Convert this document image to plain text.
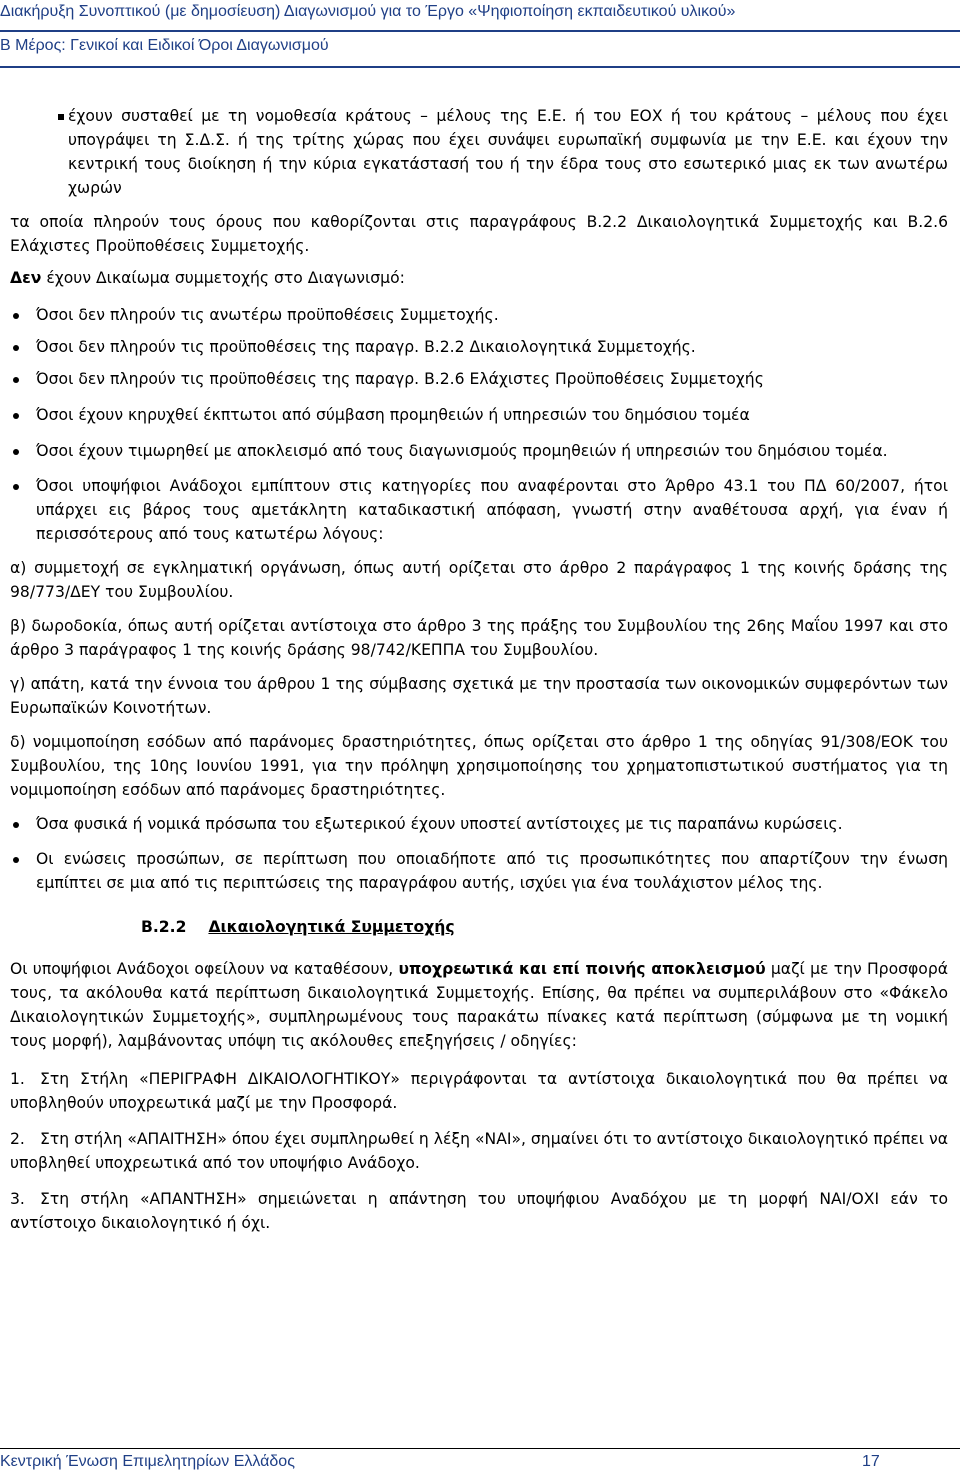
Διακήρυξη Συνοπτικού (με δημοσίευση) Διαγωνισμού για το Έργο «Ψηφιοποίηση εκπαιδευτικού υλικού»
Β Μέρος: Γενικοί και Ειδικοί Όροι Διαγωνισμού
έχουν συσταθεί με τη νομοθεσία κράτους – μέλους της Ε.Ε. ή του ΕΟΧ ή του κράτους – μέλους που έχει υπογράψει τη Σ.Δ.Σ. ή της τρίτης χώρας που έχει συνάψει ευρωπαϊκή συμφωνία με την Ε.Ε. και έχουν την κεντρική τους διοίκηση ή την κύρια εγκατάστασή του ή την έδρα τους στο εσωτερικό μιας εκ των ανωτέρω χωρών
τα οποία πληρούν τους όρους που καθορίζονται στις παραγράφους Β.2.2 Δικαιολογητικά Συμμετοχής και Β.2.6 Ελάχιστες Προϋποθέσεις Συμμετοχής.
Δεν έχουν Δικαίωμα συμμετοχής στο Διαγωνισμό:
Όσοι δεν πληρούν τις ανωτέρω προϋποθέσεις Συμμετοχής.
Όσοι δεν πληρούν τις προϋποθέσεις της παραγρ. Β.2.2 Δικαιολογητικά Συμμετοχής.
Όσοι δεν πληρούν τις προϋποθέσεις της παραγρ. Β.2.6 Ελάχιστες Προϋποθέσεις Συμμετοχής
Όσοι έχουν κηρυχθεί έκπτωτοι από σύμβαση προμηθειών ή υπηρεσιών του δημόσιου τομέα
Όσοι έχουν τιμωρηθεί με αποκλεισμό από τους διαγωνισμούς προμηθειών ή υπηρεσιών του δημόσιου τομέα.
Όσοι υποψήφιοι Ανάδοχοι εμπίπτουν στις κατηγορίες που αναφέρονται στο Άρθρο 43.1 του ΠΔ 60/2007, ήτοι υπάρχει εις βάρος τους αμετάκλητη καταδικαστική απόφαση, γνωστή στην αναθέτουσα αρχή, για έναν ή περισσότερους από τους κατωτέρω λόγους:
α) συμμετοχή σε εγκληματική οργάνωση, όπως αυτή ορίζεται στο άρθρο 2 παράγραφος 1 της κοινής δράσης της 98/773/ΔΕΥ του Συμβουλίου.
β) δωροδοκία, όπως αυτή ορίζεται αντίστοιχα στο άρθρο 3 της πράξης του Συμβουλίου της 26ης Μαΐου 1997 και στο άρθρο 3 παράγραφος 1 της κοινής δράσης 98/742/ΚΕΠΠΑ του Συμβουλίου.
γ) απάτη, κατά την έννοια του άρθρου 1 της σύμβασης σχετικά με την προστασία των οικονομικών συμφερόντων των Ευρωπαϊκών Κοινοτήτων.
δ) νομιμοποίηση εσόδων από παράνομες δραστηριότητες, όπως ορίζεται στο άρθρο 1 της οδηγίας 91/308/ΕΟΚ του Συμβουλίου, της 10ης Ιουνίου 1991, για την πρόληψη χρησιμοποίησης του χρηματοπιστωτικού συστήματος για τη νομιμοποίηση εσόδων από παράνομες δραστηριότητες.
Όσα φυσικά ή νομικά πρόσωπα του εξωτερικού έχουν υποστεί αντίστοιχες με τις παραπάνω κυρώσεις.
Οι ενώσεις προσώπων, σε περίπτωση που οποιαδήποτε από τις προσωπικότητες που απαρτίζουν την ένωση εμπίπτει σε μια από τις περιπτώσεις της παραγράφου αυτής, ισχύει για ένα τουλάχιστον μέλος της.
Β.2.2 Δικαιολογητικά Συμμετοχής
Οι υποψήφιοι Ανάδοχοι οφείλουν να καταθέσουν, υποχρεωτικά και επί ποινής αποκλεισμού μαζί με την Προσφορά τους, τα ακόλουθα κατά περίπτωση δικαιολογητικά Συμμετοχής. Επίσης, θα πρέπει να συμπεριλάβουν στο «Φάκελο Δικαιολογητικών Συμμετοχής», συμπληρωμένους τους παρακάτω πίνακες κατά περίπτωση (σύμφωνα με τη νομική τους μορφή), λαμβάνοντας υπόψη τις ακόλουθες επεξηγήσεις / οδηγίες:
1. Στη Στήλη «ΠΕΡΙΓΡΑΦΗ ΔΙΚΑΙΟΛΟΓΗΤΙΚΟΥ» περιγράφονται τα αντίστοιχα δικαιολογητικά που θα πρέπει να υποβληθούν υποχρεωτικά μαζί με την Προσφορά.
2. Στη στήλη «ΑΠΑΙΤΗΣΗ» όπου έχει συμπληρωθεί η λέξη «ΝΑΙ», σημαίνει ότι το αντίστοιχο δικαιολογητικό πρέπει να υποβληθεί υποχρεωτικά από τον υποψήφιο Ανάδοχο.
3. Στη στήλη «ΑΠΑΝΤΗΣΗ» σημειώνεται η απάντηση του υποψήφιου Αναδόχου με τη μορφή ΝΑΙ/ΟΧΙ εάν το αντίστοιχο δικαιολογητικό ή όχι.
Κεντρική Ένωση Επιμελητηρίων Ελλάδος	17
